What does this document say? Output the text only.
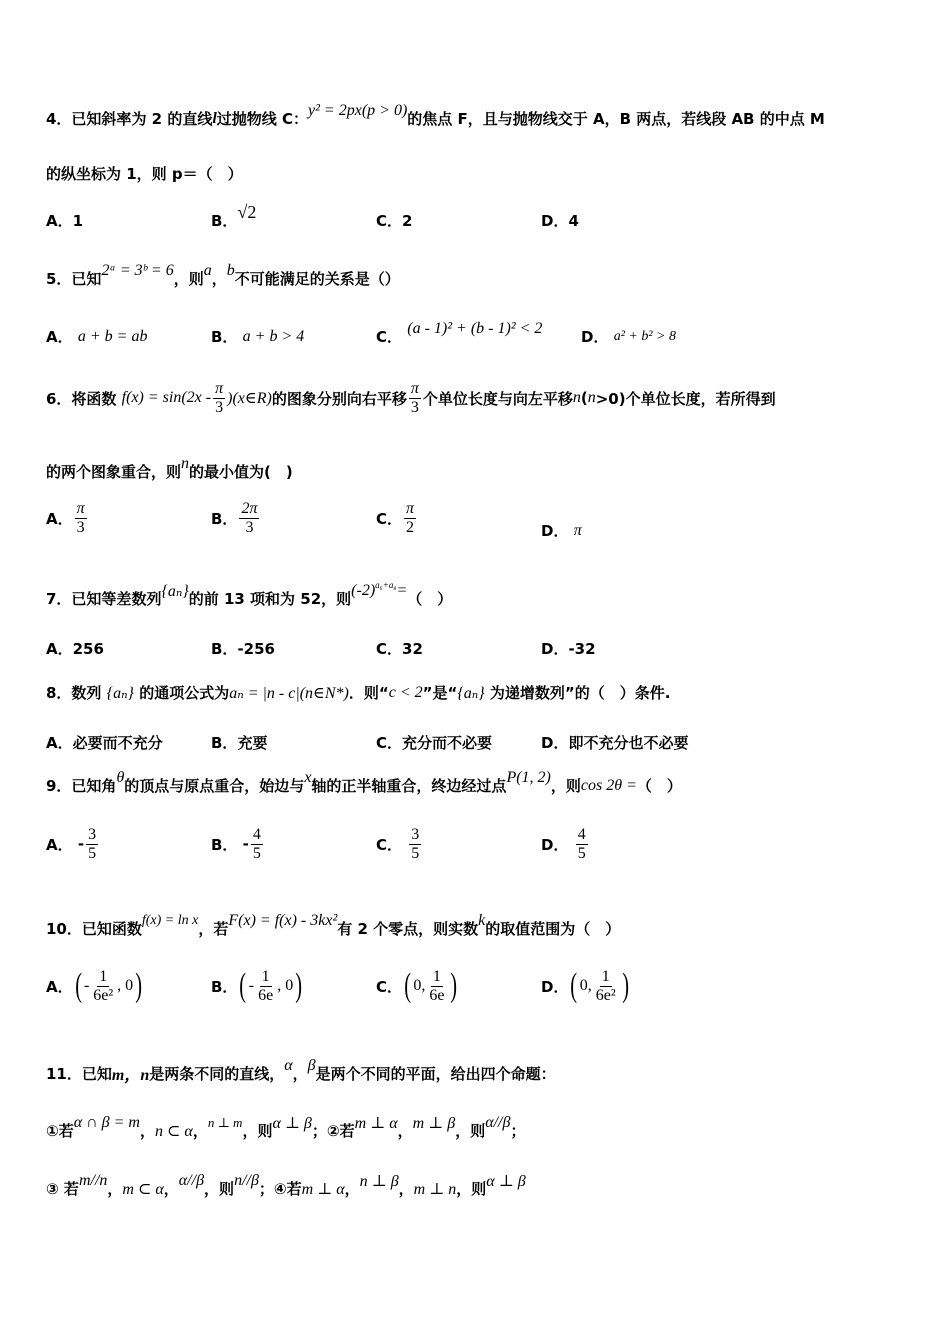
4．已知斜率为 2 的直线 l 过抛物线 C： y² = 2px(p > 0) 的焦点 F，且与抛物线交于 A，B 两点，若线段 AB 的中点 M
的纵坐标为 1，则 p＝（　）
A． 1	B． √2	C． 2	D． 4
5．已知 2ᵃ = 3ᵇ = 6 ，则 a ， b 不可能满足的关系是（）
A．
a + b = ab	B．
a + b > 4	C．
(a - 1)² + (b - 1)² < 2	D．
a² + b² > 8
6．将函数
$f(x) = \sin(2x - \frac{\pi}{3}$ )(x∈R) 的图象分别向右平移 $\frac{\pi}{3}$ 个单位长度与向左平移 n ( n >0)个单位长度，若所得到
的两个图象重合，则 n 的最小值为(　)
A． $\frac{\pi}{3}$	B． $\frac{2\pi}{3}$	C． $\frac{\pi}{2}$	D．
π
7．已知等差数列 {aₙ} 的前 13 项和为 52，则 (-2) a₆+a₈ = （　）
A． 256	B． -256	C． 32	D． -32
8．数列
{aₙ}
的通项公式为 aₙ = |n - c|(n∈N*) ．则“ c < 2 ”是“ {aₙ}
为递增数列”的（　）条件.
A． 必要而不充分	B． 充要	C． 充分而不必要	D． 即不充分也不必要
9．已知角 θ 的顶点与原点重合，始边与 x 轴的正半轴重合，终边经过点 P(1, 2) ，则 cos 2θ = （　）
A．
- $\frac{3}{5}$	B．
- $\frac{4}{5}$	C．
$\frac{3}{5}$	D．
$\frac{4}{5}$
10．已知函数 f(x) = ln x ，若 F(x) = f(x) - 3kx² 有 2 个零点，则实数 k 的取值范围为（　）
A． ( - $\frac{1}{\text{6e²}}$ , 0 )	B． ( - $\frac{1}{6e}$ , 0 )	C． ( 0, $\frac{1}{6e}$ )	D． ( 0, $\frac{1}{\text{6e²}}$ )
11．已知 m，n 是两条不同的直线， α ， β 是两个不同的平面，给出四个命题：
①若 α ∩ β = m ， n ⊂ α ， n ⊥ m ，则 α ⊥ β ；②若 m ⊥ α ， m ⊥ β ，则 α//β ；
③ 若 m//n ， m ⊂ α ， α//β ，则 n//β ；④若 m ⊥ α ， n ⊥ β ， m ⊥ n ，则 α ⊥ β
